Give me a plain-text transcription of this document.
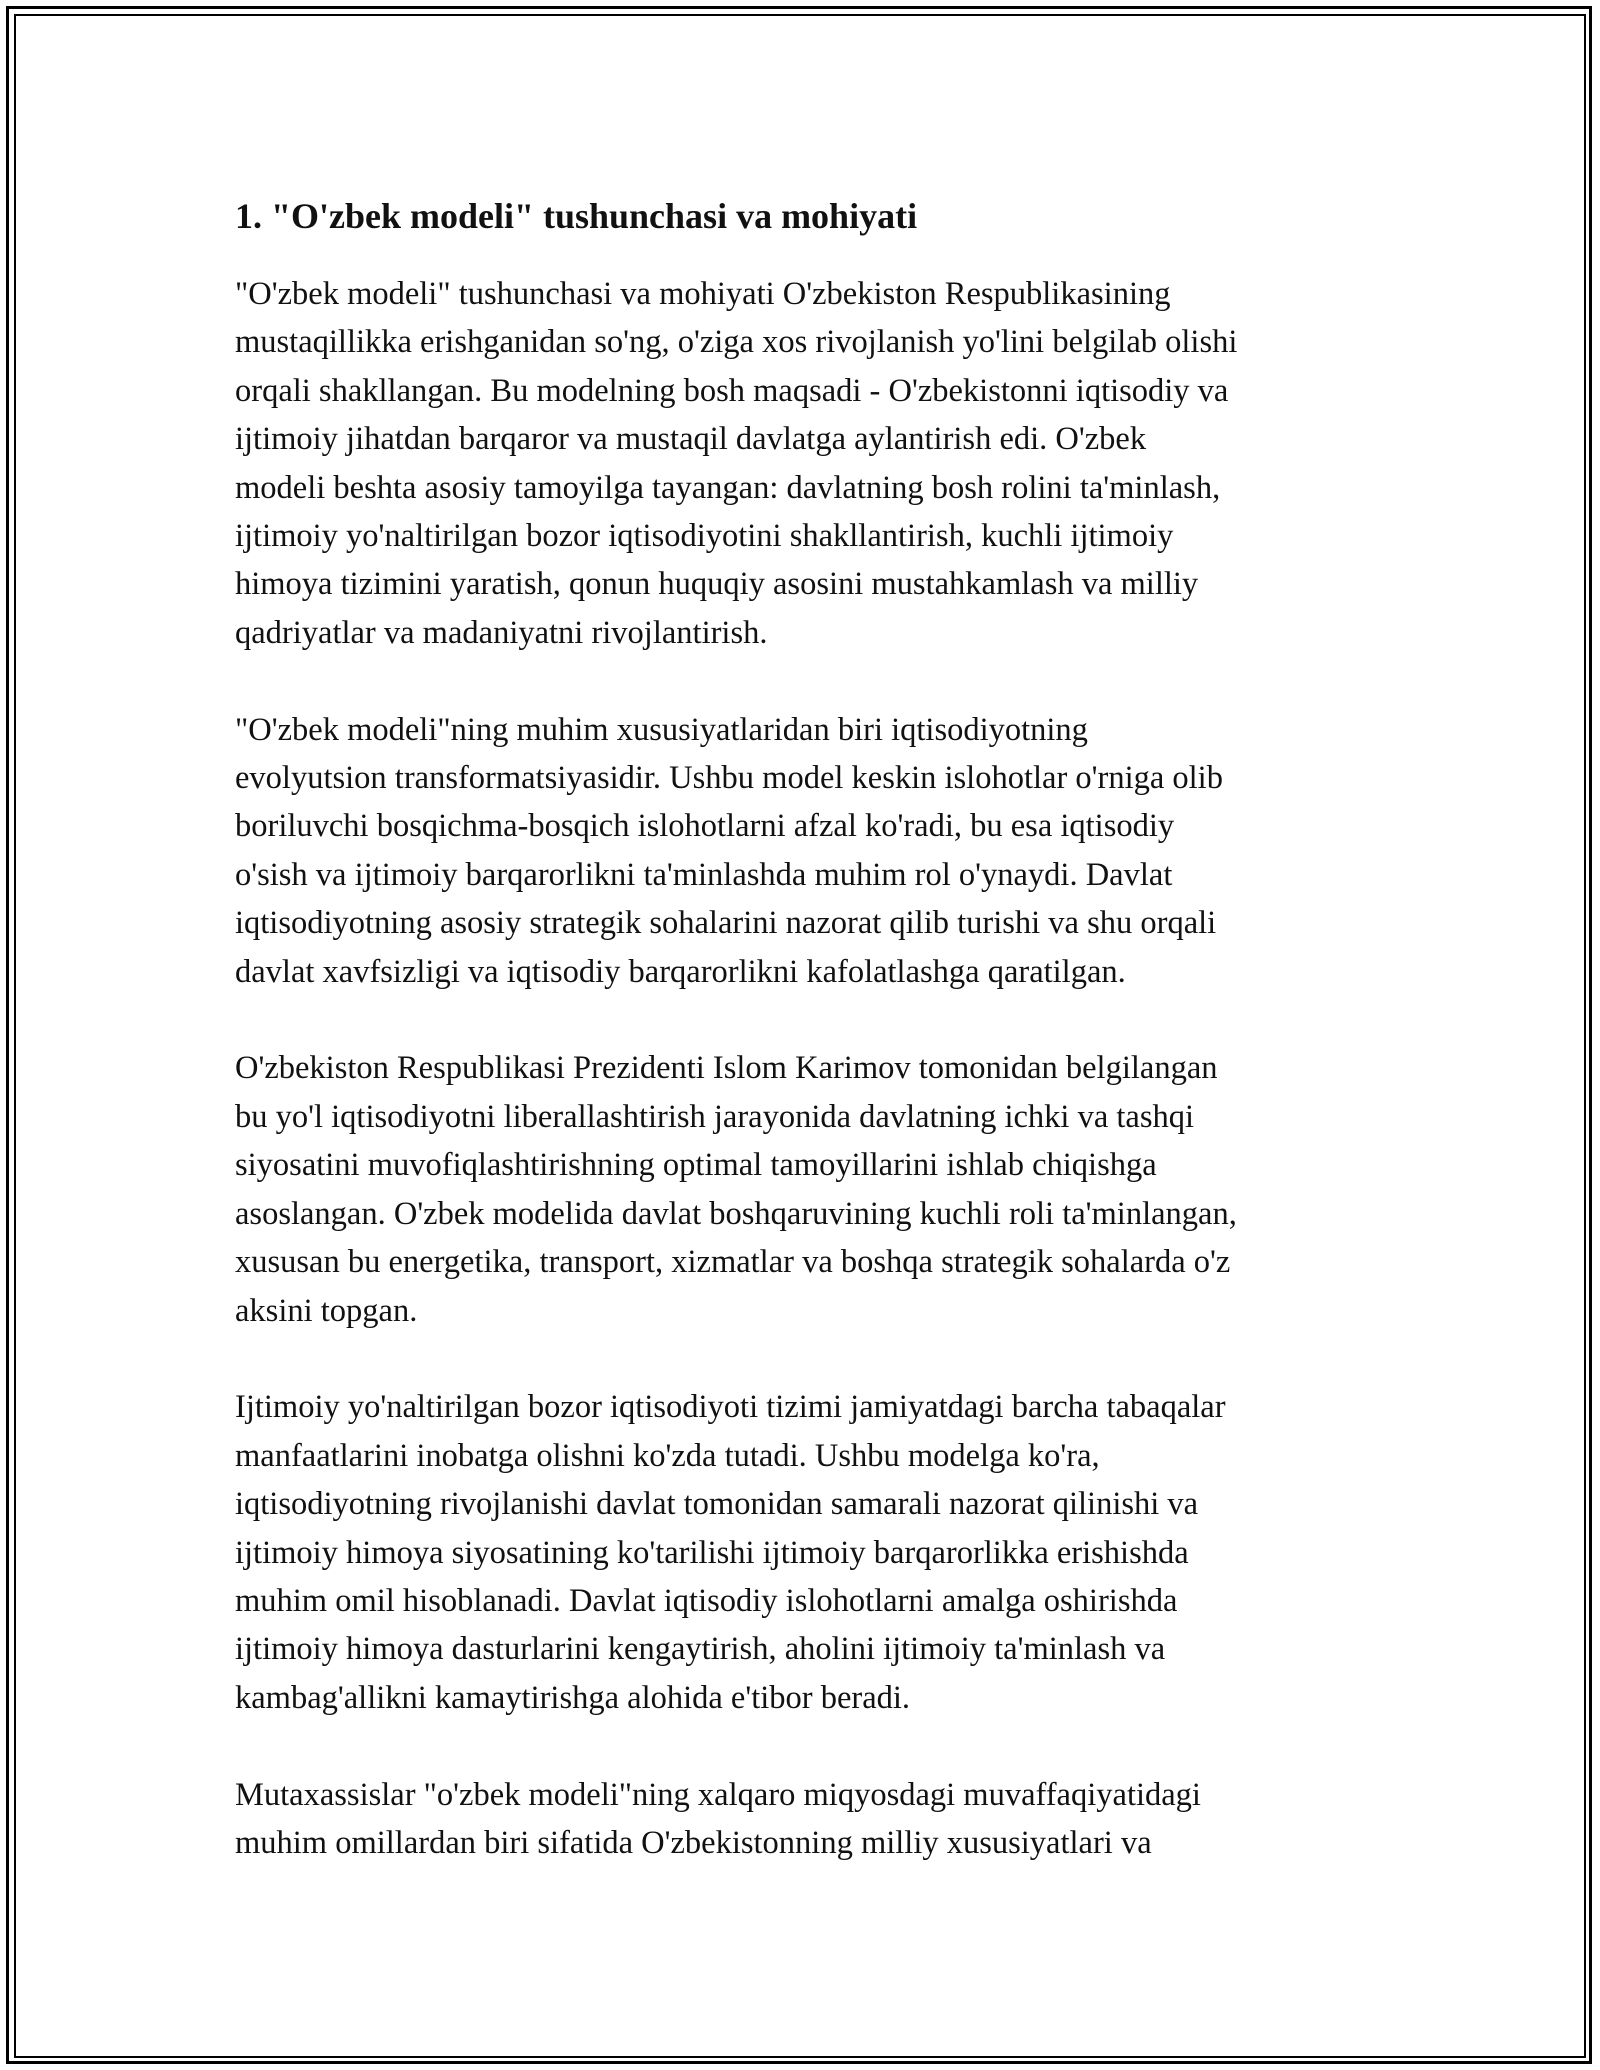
1. "O'zbek modeli" tushunchasi va mohiyati
"O'zbek modeli" tushunchasi va mohiyati O'zbekiston Respublikasining
mustaqillikka erishganidan so'ng, o'ziga xos rivojlanish yo'lini belgilab olishi
orqali shakllangan. Bu modelning bosh maqsadi - O'zbekistonni iqtisodiy va
ijtimoiy jihatdan barqaror va mustaqil davlatga aylantirish edi. O'zbek
modeli beshta asosiy tamoyilga tayangan: davlatning bosh rolini ta'minlash,
ijtimoiy yo'naltirilgan bozor iqtisodiyotini shakllantirish, kuchli ijtimoiy
himoya tizimini yaratish, qonun huquqiy asosini mustahkamlash va milliy
qadriyatlar va madaniyatni rivojlantirish.
"O'zbek modeli"ning muhim xususiyatlaridan biri iqtisodiyotning
evolyutsion transformatsiyasidir. Ushbu model keskin islohotlar o'rniga olib
boriluvchi bosqichma-bosqich islohotlarni afzal ko'radi, bu esa iqtisodiy
o'sish va ijtimoiy barqarorlikni ta'minlashda muhim rol o'ynaydi. Davlat
iqtisodiyotning asosiy strategik sohalarini nazorat qilib turishi va shu orqali
davlat xavfsizligi va iqtisodiy barqarorlikni kafolatlashga qaratilgan.
O'zbekiston Respublikasi Prezidenti Islom Karimov tomonidan belgilangan
bu yo'l iqtisodiyotni liberallashtirish jarayonida davlatning ichki va tashqi
siyosatini muvofiqlashtirishning optimal tamoyillarini ishlab chiqishga
asoslangan. O'zbek modelida davlat boshqaruvining kuchli roli ta'minlangan,
xususan bu energetika, transport, xizmatlar va boshqa strategik sohalarda o'z
aksini topgan.
Ijtimoiy yo'naltirilgan bozor iqtisodiyoti tizimi jamiyatdagi barcha tabaqalar
manfaatlarini inobatga olishni ko'zda tutadi. Ushbu modelga ko'ra,
iqtisodiyotning rivojlanishi davlat tomonidan samarali nazorat qilinishi va
ijtimoiy himoya siyosatining ko'tarilishi ijtimoiy barqarorlikka erishishda
muhim omil hisoblanadi. Davlat iqtisodiy islohotlarni amalga oshirishda
ijtimoiy himoya dasturlarini kengaytirish, aholini ijtimoiy ta'minlash va
kambag'allikni kamaytirishga alohida e'tibor beradi.
Mutaxassislar "o'zbek modeli"ning xalqaro miqyosdagi muvaffaqiyatidagi
muhim omillardan biri sifatida O'zbekistonning milliy xususiyatlari va
